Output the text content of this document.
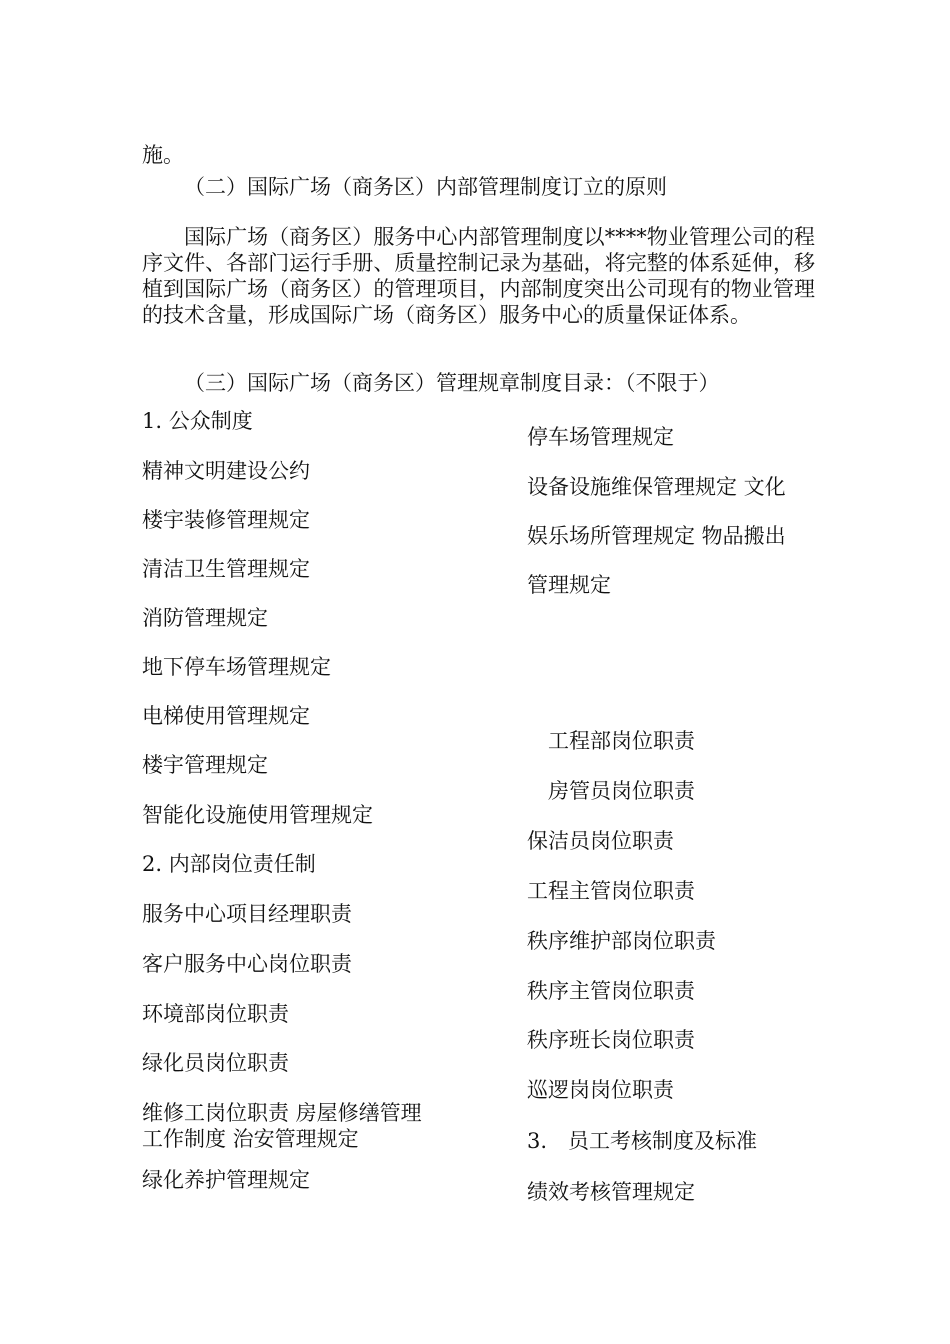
施。

（二）国际广场（商务区）内部管理制度订立的原则

国际广场（商务区）服务中心内部管理制度以****物业管理公司的程序文件、各部门运行手册、质量控制记录为基础，将完整的体系延伸，移植到国际广场（商务区）的管理项目，内部制度突出公司现有的物业管理的技术含量，形成国际广场（商务区）服务中心的质量保证体系。

（三）国际广场（商务区）管理规章制度目录：（不限于）

1. 公众制度

精神文明建设公约

楼宇装修管理规定

清洁卫生管理规定

消防管理规定

地下停车场管理规定

电梯使用管理规定

楼宇管理规定

智能化设施使用管理规定

2. 内部岗位责任制

服务中心项目经理职责

客户服务中心岗位职责

环境部岗位职责

绿化员岗位职责

维修工岗位职责 房屋修缮管理

工作制度 治安管理规定

绿化养护管理规定

停车场管理规定

设备设施维保管理规定 文化

娱乐场所管理规定 物品搬出

管理规定

工程部岗位职责

房管员岗位职责

保洁员岗位职责

工程主管岗位职责

秩序维护部岗位职责

秩序主管岗位职责

秩序班长岗位职责

巡逻岗岗位职责

3.　员工考核制度及标准

绩效考核管理规定
